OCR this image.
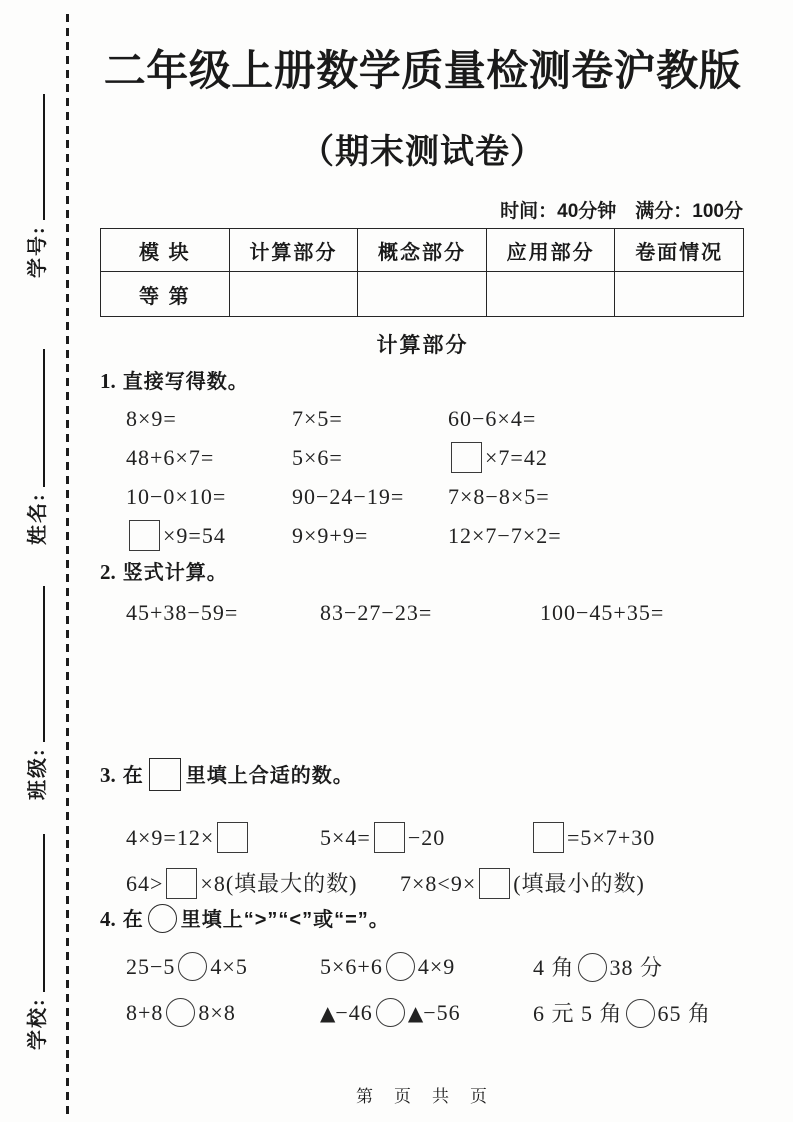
学号:
姓名:
班级:
学校:
二年级上册数学质量检测卷沪教版
（期末测试卷）
时间：40分钟　满分：100分
模 块	计算部分	概念部分	应用部分	卷面情况
等 第				
计算部分
1. 直接写得数。
8×9=	7×5=	60−6×4=
48+6×7=	5×6=	×7=42
10−0×10=	90−24−19=	7×8−8×5=
×9=54	9×9+9=	12×7−7×2=
2. 竖式计算。
45+38−59=	83−27−23=	100−45+35=
3. 在 里填上合适的数。
4×9=12×	5×4= −20	=5×7+30
64> ×8(填最大的数)	7×8<9× (填最小的数)
4. 在 里填上“>”“<”或“=”。
25−5 4×5	5×6+6 4×9	4 角 38 分
8+8 8×8	▲−46 ▲−56	6 元 5 角 65 角
第　页　共　页
